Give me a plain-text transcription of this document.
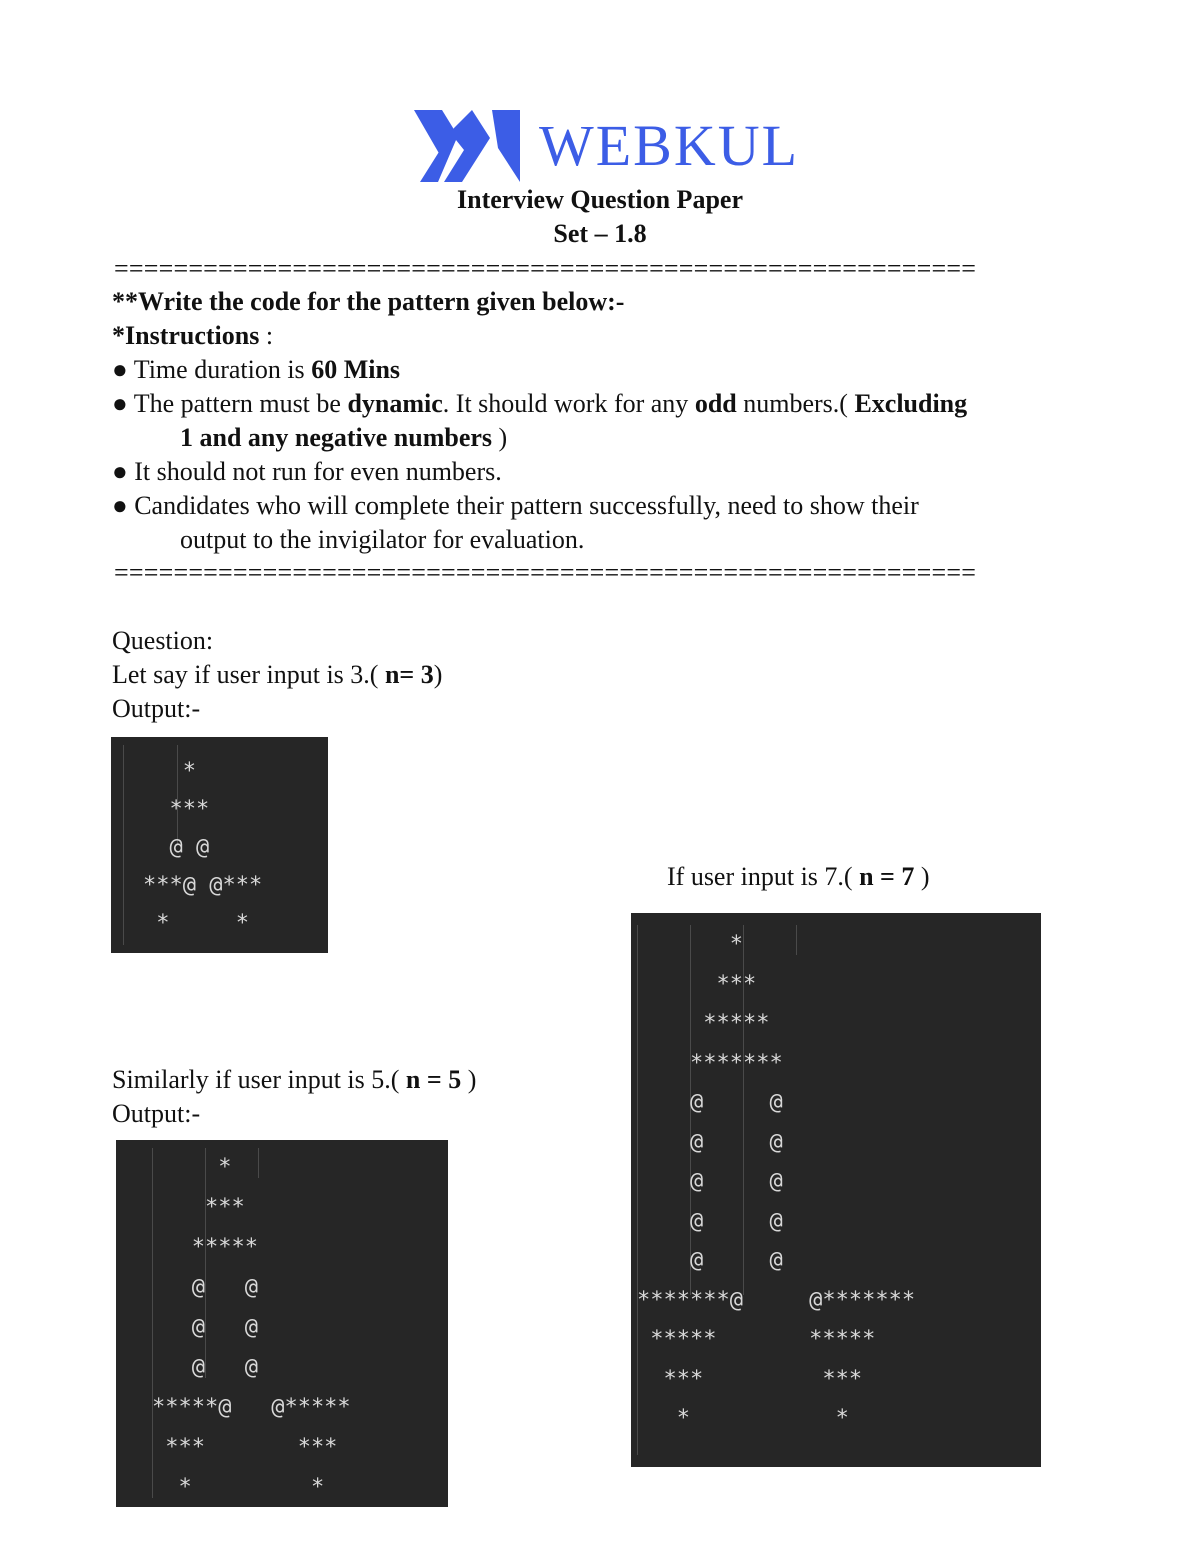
WEBKUL
Interview Question Paper
Set – 1.8
==========================================================
**Write the code for the pattern given below:-
*Instructions :
● Time duration is 60 Mins
● The pattern must be dynamic. It should work for any odd numbers.( Excluding
1 and any negative numbers )
● It should not run for even numbers.
● Candidates who will complete their pattern successfully, need to show their
output to the invigilator for evaluation.
==========================================================
Question:
Let say if user input is 3.( n= 3)
Output:-
*
***
@ @
***@ @***
*     *
Similarly if user input is 5.( n = 5 )
Output:-
*
***
*****
@   @
@   @
@   @
*****@   @*****
***       ***
*         *
If user input is 7.( n = 7 )
*
***
*****
*******
@     @
@     @
@     @
@     @
@     @
*******@     @*******
*****       *****
***         ***
*           *
